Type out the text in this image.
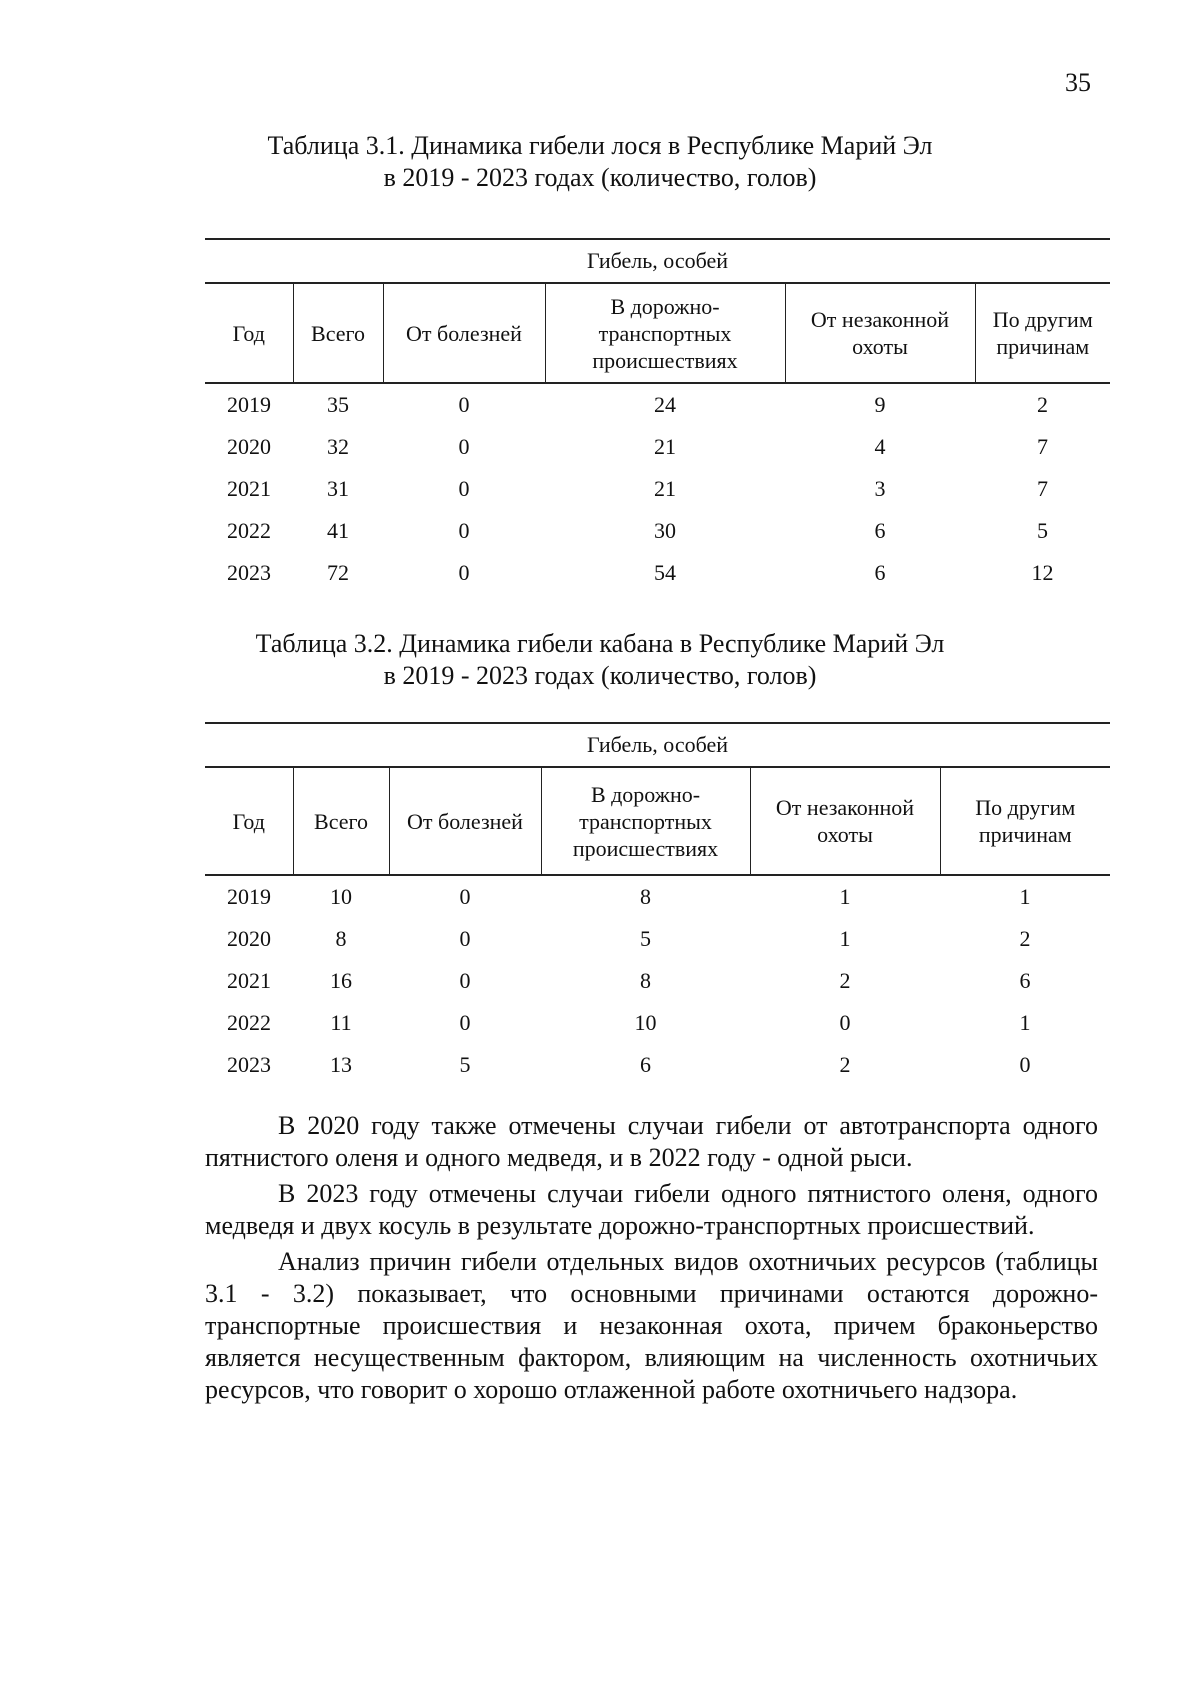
35
Таблица 3.1. Динамика гибели лося в Республике Марий Эл
в 2019 - 2023 годах (количество, голов)
Гибель, особей					
Год	Всего	От болезней	В дорожно-транспортных происшествиях	От незаконной охоты	По другим причинам
2019	35	0	24	9	2
2020	32	0	21	4	7
2021	31	0	21	3	7
2022	41	0	30	6	5
2023	72	0	54	6	12
Таблица 3.2. Динамика гибели кабана в Республике Марий Эл
в 2019 - 2023 годах (количество, голов)
Гибель, особей					
Год	Всего	От болезней	В дорожно-транспортных происшествиях	От незаконной охоты	По другим причинам
2019	10	0	8	1	1
2020	8	0	5	1	2
2021	16	0	8	2	6
2022	11	0	10	0	1
2023	13	5	6	2	0

В 2020 году также отмечены случаи гибели от автотранспорта одного пятнистого оленя и одного медведя, и в 2022 году - одной рыси.

В 2023 году отмечены случаи гибели одного пятнистого оленя, одного медведя и двух косуль в результате дорожно-транспортных происшествий.

Анализ причин гибели отдельных видов охотничьих ресурсов (таблицы 3.1 - 3.2) показывает, что основными причинами остаются дорожно-транспортные происшествия и незаконная охота, причем браконьерство является несущественным фактором, влияющим на численность охотничьих ресурсов, что говорит о хорошо отлаженной работе охотничьего надзора.
